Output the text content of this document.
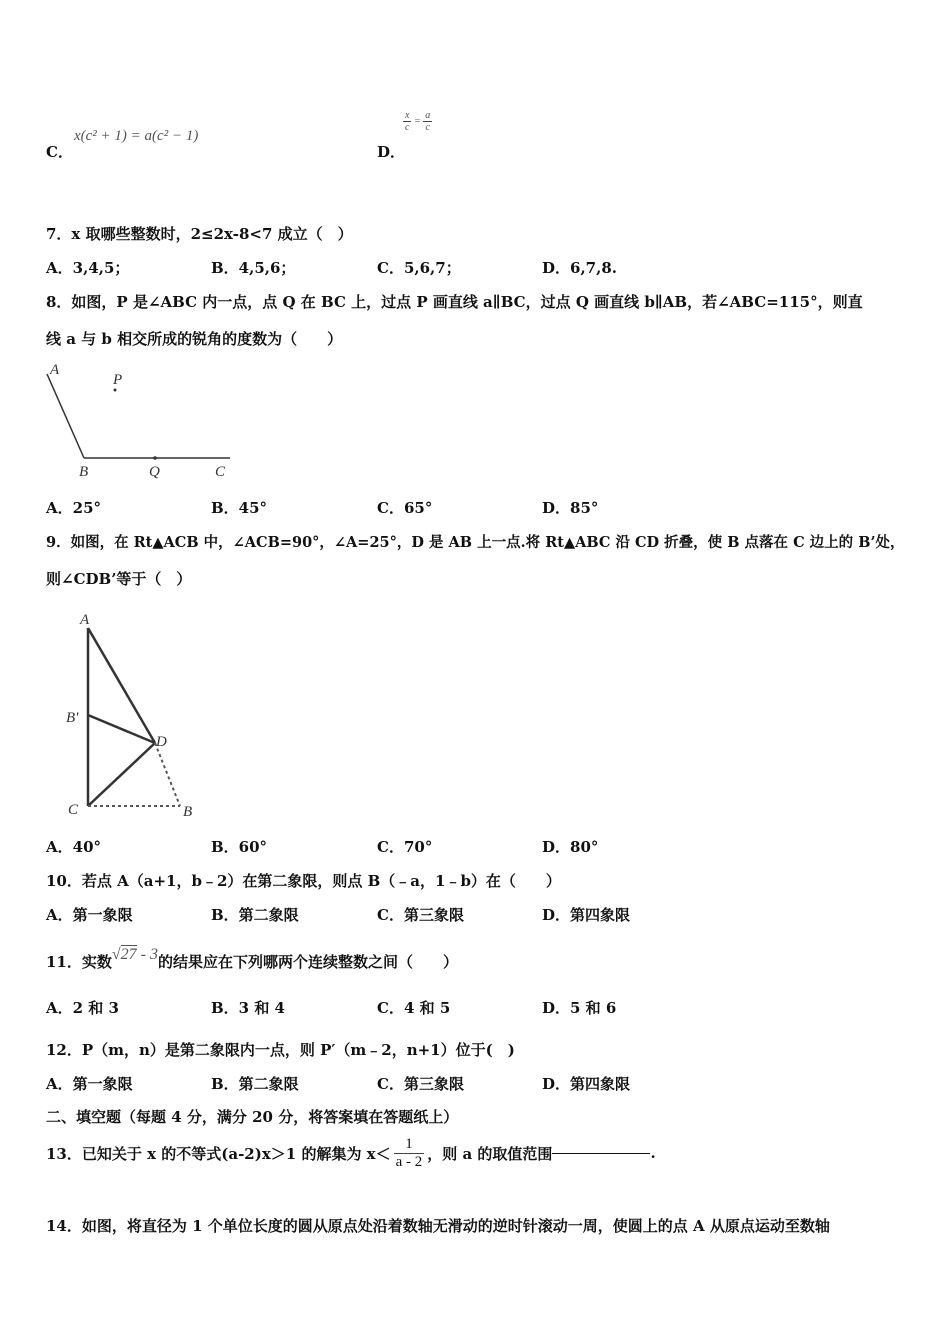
C．
x(c² + 1) = a(c² − 1)
D．
$\frac{x}{c} = \frac{a}{c}$
7．x 取哪些整数时，2≤2x-8<7 成立（　）
A．3,4,5；	B．4,5,6；	C．5,6,7；	D．6,7,8.
8．如图，P 是∠ABC 内一点，点 Q 在 BC 上，过点 P 画直线 a∥BC，过点 Q 画直线 b∥AB，若∠ABC=115°，则直
线 a 与 b 相交所成的锐角的度数为（　　）
A
P
B	Q	C
A．25°	B．45°	C．65°	D．85°
9．如图，在 Rt▲ACB 中，∠ACB=90°，∠A=25°，D 是 AB 上一点.将 Rt▲ABC 沿 CD 折叠，使 B 点落在 C 边上的 B’处，
则∠CDB’等于（　）
A
B'
D
C	B
A．40°	B．60°	C．70°	D．80°
10．若点 A（a+1，b﹣2）在第二象限，则点 B（﹣a，1﹣b）在（　　）
A．第一象限	B．第二象限	C．第三象限	D．第四象限
11．实数√27 - 3的结果应在下列哪两个连续整数之间（　　）
A．2 和 3	B．3 和 4	C．4 和 5	D．5 和 6
12．P（m，n）是第二象限内一点，则 P′（m﹣2，n+1）位于(　)
A．第一象限	B．第二象限	C．第三象限	D．第四象限
二、填空题（每题 4 分，满分 20 分，将答案填在答题纸上）
13．已知关于 x 的不等式(a-2)x＞1 的解集为 $x< \frac{1}{a - 2}$ ，则 a 的取值范围	.
14．如图，将直径为 1 个单位长度的圆从原点处沿着数轴无滑动的逆时针滚动一周，使圆上的点 A 从原点运动至数轴
